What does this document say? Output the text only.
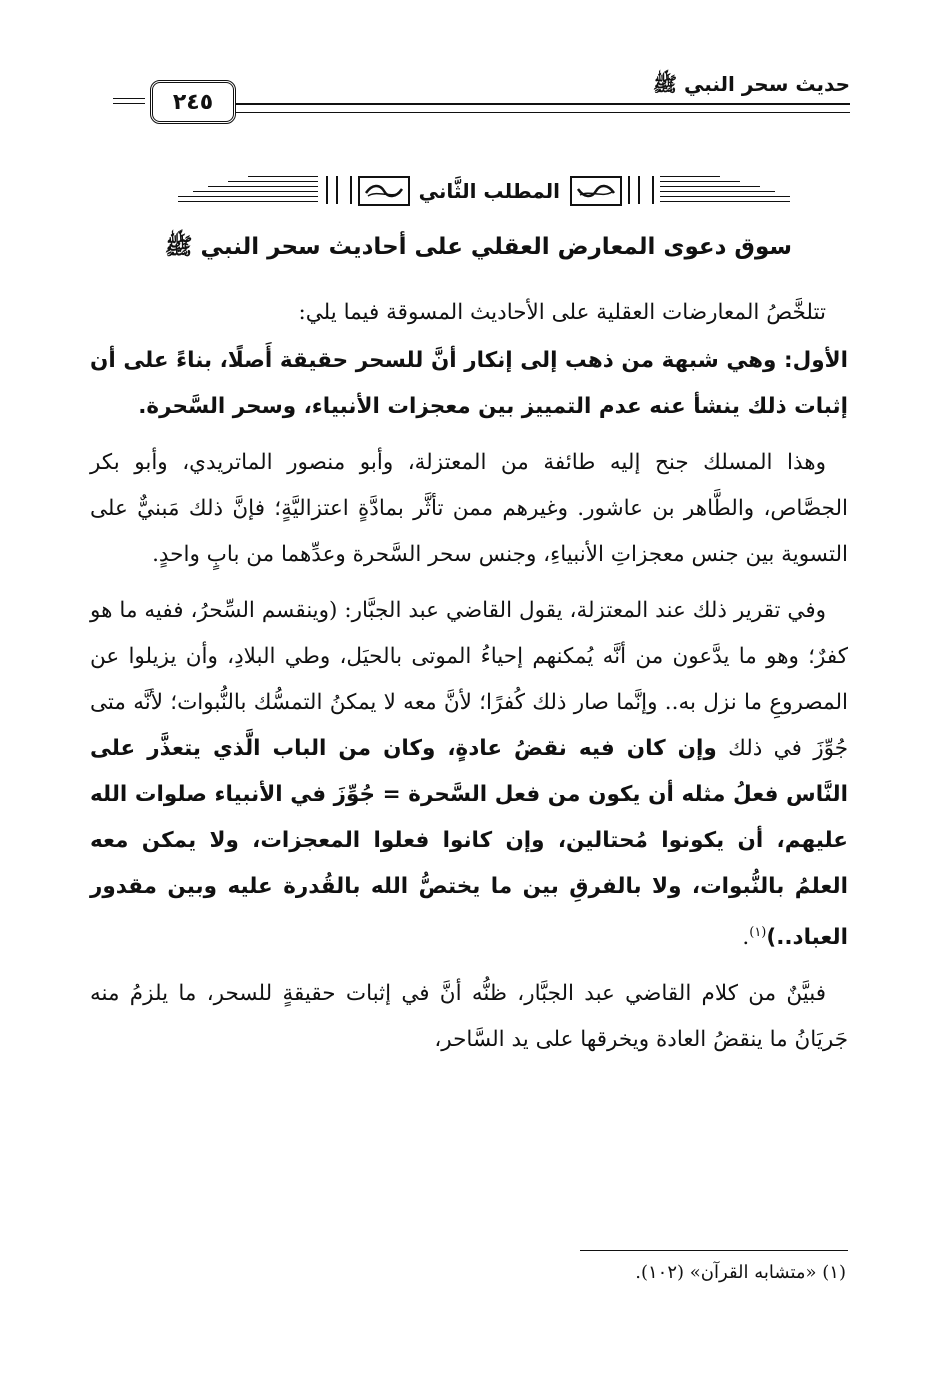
حديث سحر النبي ﷺ
٢٤٥
المطلب الثَّاني
سوق دعوى المعارض العقلي على أحاديث سحر النبي ﷺ

تتلخَّصُ المعارضات العقلية على الأحاديث المسوقة فيما يلي:

الأول: وهي شبهة من ذهب إلى إنكار أنَّ للسحر حقيقة أَصلًا، بناءً على أن إثبات ذلك ينشأ عنه عدم التمييز بين معجزات الأنبياء، وسحر السَّحرة.

وهذا المسلك جنح إليه طائفة من المعتزلة، وأبو منصور الماتريدي، وأبو بكر الجصَّاص، والطَّاهر بن عاشور. وغيرهم ممن تأثَّر بمادَّةٍ اعتزاليَّةٍ؛ فإنَّ ذلك مَبنيٌّ على التسوية بين جنس معجزاتِ الأنبياءِ، وجنس سحر السَّحرة وعدِّهما من بابٍ واحدٍ.

وفي تقرير ذلك عند المعتزلة، يقول القاضي عبد الجبَّار: (وينقسم السِّحرُ، ففيه ما هو كفرٌ؛ وهو ما يدَّعون من أنَّه يُمكنهم إحياءُ الموتى بالحيَل، وطي البلادِ، وأن يزيلوا عن المصروعِ ما نزل به.. وإنَّما صار ذلك كُفرًا؛ لأنَّ معه لا يمكنُ التمسُّك بالنُّبوات؛ لأنَّه متى جُوِّزَ في ذلك وإن كان فيه نقضُ عادةٍ، وكان من الباب الَّذي يتعذَّر على النَّاس فعلُ مثله أن يكون من فعل السَّحرة = جُوِّزَ في الأنبياء صلوات الله عليهم، أن يكونوا مُحتالين، وإن كانوا فعلوا المعجزات، ولا يمكن معه العلمُ بالنُّبوات، ولا بالفرقِ بين ما يختصُّ الله بالقُدرة عليه وبين مقدور العباد..)$^{(١)}$.

فبيَّنٌ من كلام القاضي عبد الجبَّار، ظنُّه أنَّ في إثبات حقيقةٍ للسحر، ما يلزمُ منه جَريَانُ ما ينقضُ العادة ويخرقها على يد السَّاحر،

(١) «متشابه القرآن» (١٠٢).
